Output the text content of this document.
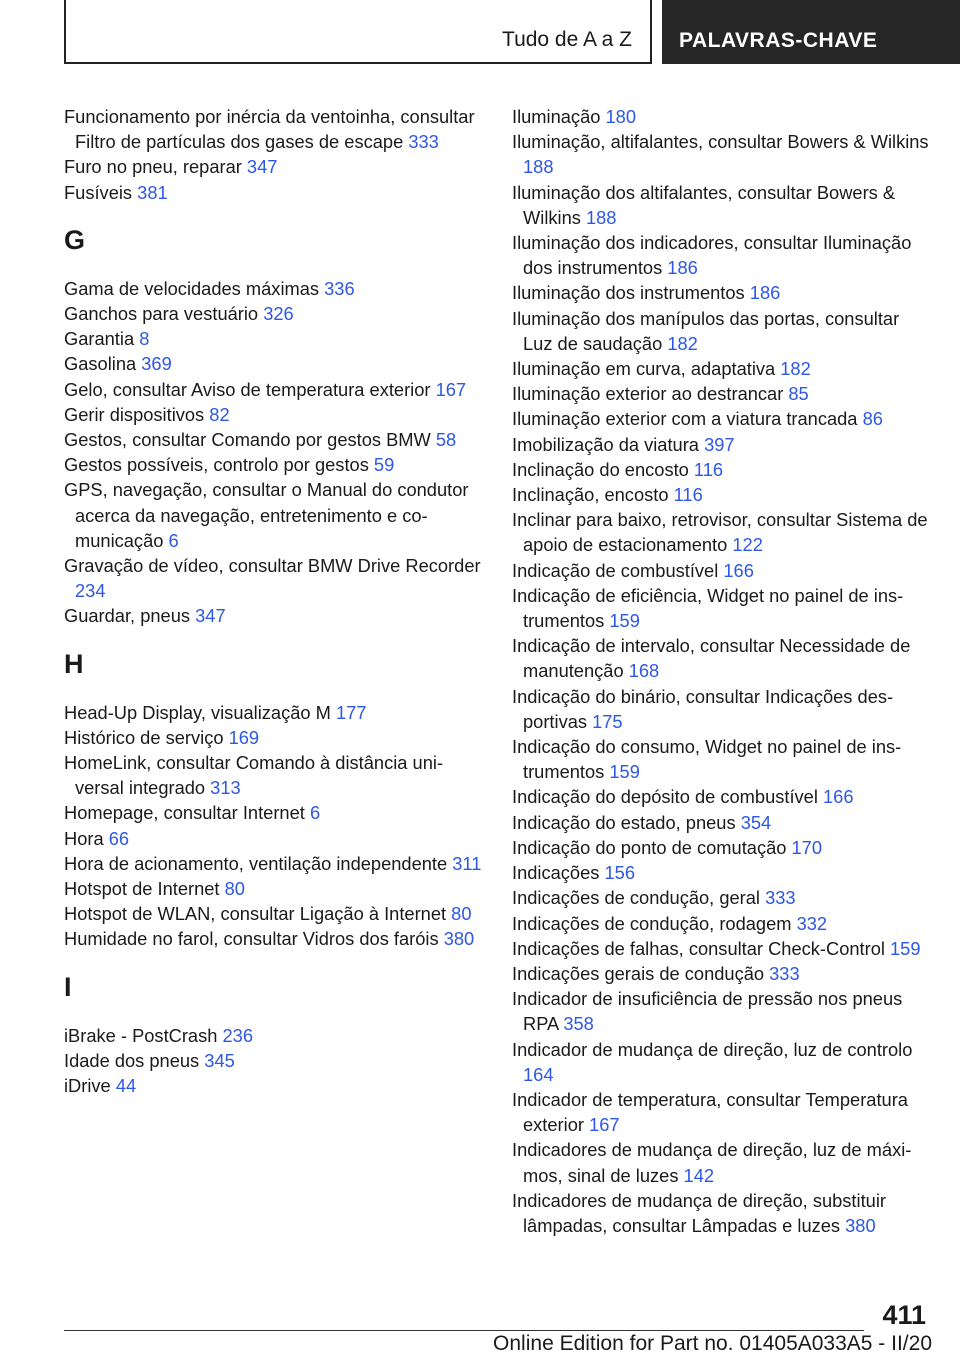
Tudo de A a Z PALAVRAS-CHAVE

Funcionamento por inércia da ventoinha, consultar Filtro de partículas dos gases de escape 333

Furo no pneu, reparar 347

Fusíveis 381

G

Gama de velocidades máximas 336

Ganchos para vestuário 326

Garantia 8

Gasolina 369

Gelo, consultar Aviso de temperatura exterior 167

Gerir dispositivos 82

Gestos, consultar Comando por gestos BMW 58

Gestos possíveis, controlo por gestos 59

GPS, navegação, consultar o Manual do condutor acerca da navegação, entretenimento e comunicação 6

Gravação de vídeo, consultar BMW Drive Recorder 234

Guardar, pneus 347

H

Head-Up Display, visualização M 177

Histórico de serviço 169

HomeLink, consultar Comando à distância universal integrado 313

Homepage, consultar Internet 6

Hora 66

Hora de acionamento, ventilação independente 311

Hotspot de Internet 80

Hotspot de WLAN, consultar Ligação à Internet 80

Humidade no farol, consultar Vidros dos faróis 380

I

iBrake - PostCrash 236

Idade dos pneus 345

iDrive 44

Iluminação 180

Iluminação, altifalantes, consultar Bowers & Wilkins 188

Iluminação dos altifalantes, consultar Bowers & Wilkins 188

Iluminação dos indicadores, consultar Iluminação dos instrumentos 186

Iluminação dos instrumentos 186

Iluminação dos manípulos das portas, consultar Luz de saudação 182

Iluminação em curva, adaptativa 182

Iluminação exterior ao destrancar 85

Iluminação exterior com a viatura trancada 86

Imobilização da viatura 397

Inclinação do encosto 116

Inclinação, encosto 116

Inclinar para baixo, retrovisor, consultar Sistema de apoio de estacionamento 122

Indicação de combustível 166

Indicação de eficiência, Widget no painel de instrumentos 159

Indicação de intervalo, consultar Necessidade de manutenção 168

Indicação do binário, consultar Indicações desportivas 175

Indicação do consumo, Widget no painel de instrumentos 159

Indicação do depósito de combustível 166

Indicação do estado, pneus 354

Indicação do ponto de comutação 170

Indicações 156

Indicações de condução, geral 333

Indicações de condução, rodagem 332

Indicações de falhas, consultar Check-Control 159

Indicações gerais de condução 333

Indicador de insuficiência de pressão nos pneus RPA 358

Indicador de mudança de direção, luz de controlo 164

Indicador de temperatura, consultar Temperatura exterior 167

Indicadores de mudança de direção, luz de máximos, sinal de luzes 142

Indicadores de mudança de direção, substituir lâmpadas, consultar Lâmpadas e luzes 380

411
Online Edition for Part no. 01405A033A5 - II/20
